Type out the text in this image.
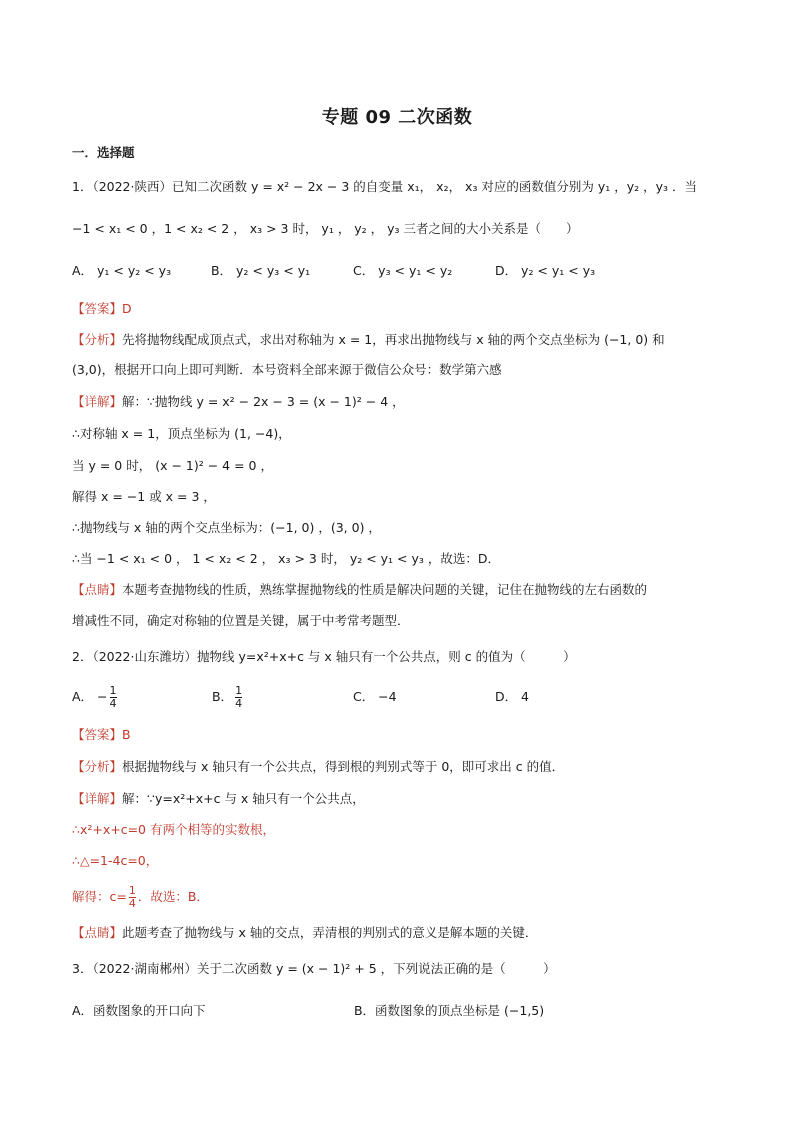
专题 09 二次函数
一．选择题
1．（2022·陕西）已知二次函数 y = x² − 2x − 3 的自变量 x₁， x₂， x₃ 对应的函数值分别为 y₁ ，y₂ ，y₃ ．当
−1 < x₁ < 0 ，1 < x₂ < 2 ， x₃ > 3 时， y₁ ， y₂ ， y₃ 三者之间的大小关系是（　　）
A． y₁ < y₂ < y₃	B． y₂ < y₃ < y₁	C． y₃ < y₁ < y₂	D． y₂ < y₁ < y₃
【答案】D
【分析】先将抛物线配成顶点式，求出对称轴为 x = 1，再求出抛物线与 x 轴的两个交点坐标为 (−1, 0) 和
(3,0)，根据开口向上即可判断．本号资料全部来源于微信公众号：数学第六感
【详解】解：∵抛物线 y = x² − 2x − 3 = (x − 1)² − 4 ，
∴对称轴 x = 1，顶点坐标为 (1, −4)，
当 y = 0 时， (x − 1)² − 4 = 0 ，
解得 x = −1 或 x = 3 ，
∴抛物线与 x 轴的两个交点坐标为：(−1, 0) ，(3, 0) ，
∴当 −1 < x₁ < 0 ， 1 < x₂ < 2 ， x₃ > 3 时， y₂ < y₁ < y₃ ，故选：D．
【点睛】本题考查抛物线的性质，熟练掌握抛物线的性质是解决问题的关键，记住在抛物线的左右函数的
增减性不同，确定对称轴的位置是关键，属于中考常考题型．
2．（2022·山东潍坊）抛物线 y=x²+x+c 与 x 轴只有一个公共点，则 c 的值为（　　　）
A． − $\frac{1}{4}$	B． $\frac{1}{4}$	C． −4	D． 4
【答案】B
【分析】根据抛物线与 x 轴只有一个公共点，得到根的判别式等于 0，即可求出 c 的值．
【详解】解：∵y=x²+x+c 与 x 轴只有一个公共点，
∴x²+x+c=0 有两个相等的实数根，
∴△=1-4c=0，
解得：$c= \frac{1}{4}$ ．故选：B．
【点睛】此题考查了抛物线与 x 轴的交点，弄清根的判别式的意义是解本题的关键．
3．（2022·湖南郴州）关于二次函数 y = (x − 1)² + 5 ，下列说法正确的是（　　　）
A．函数图象的开口向下	B．函数图象的顶点坐标是 (−1,5)
